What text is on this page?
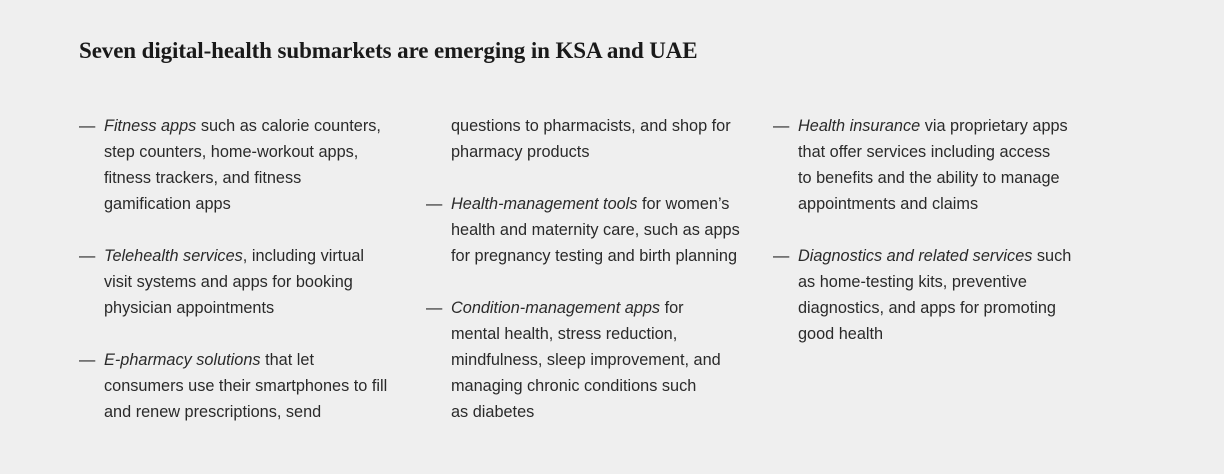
Seven digital-health submarkets are emerging in KSA and UAE
— Fitness apps such as calorie counters,
step counters, home-workout apps,
fitness trackers, and fitness
gamification apps
— Telehealth services, including virtual
visit systems and apps for booking
physician appointments
— E-pharmacy solutions that let
consumers use their smartphones to fill
and renew prescriptions, send
questions to pharmacists, and shop for
pharmacy products
— Health-management tools for women’s
health and maternity care, such as apps
for pregnancy testing and birth planning
— Condition-management apps for
mental health, stress reduction,
mindfulness, sleep improvement, and
managing chronic conditions such
as diabetes
— Health insurance via proprietary apps
that offer services including access
to benefits and the ability to manage
appointments and claims
— Diagnostics and related services such
as home-testing kits, preventive
diagnostics, and apps for promoting
good health
